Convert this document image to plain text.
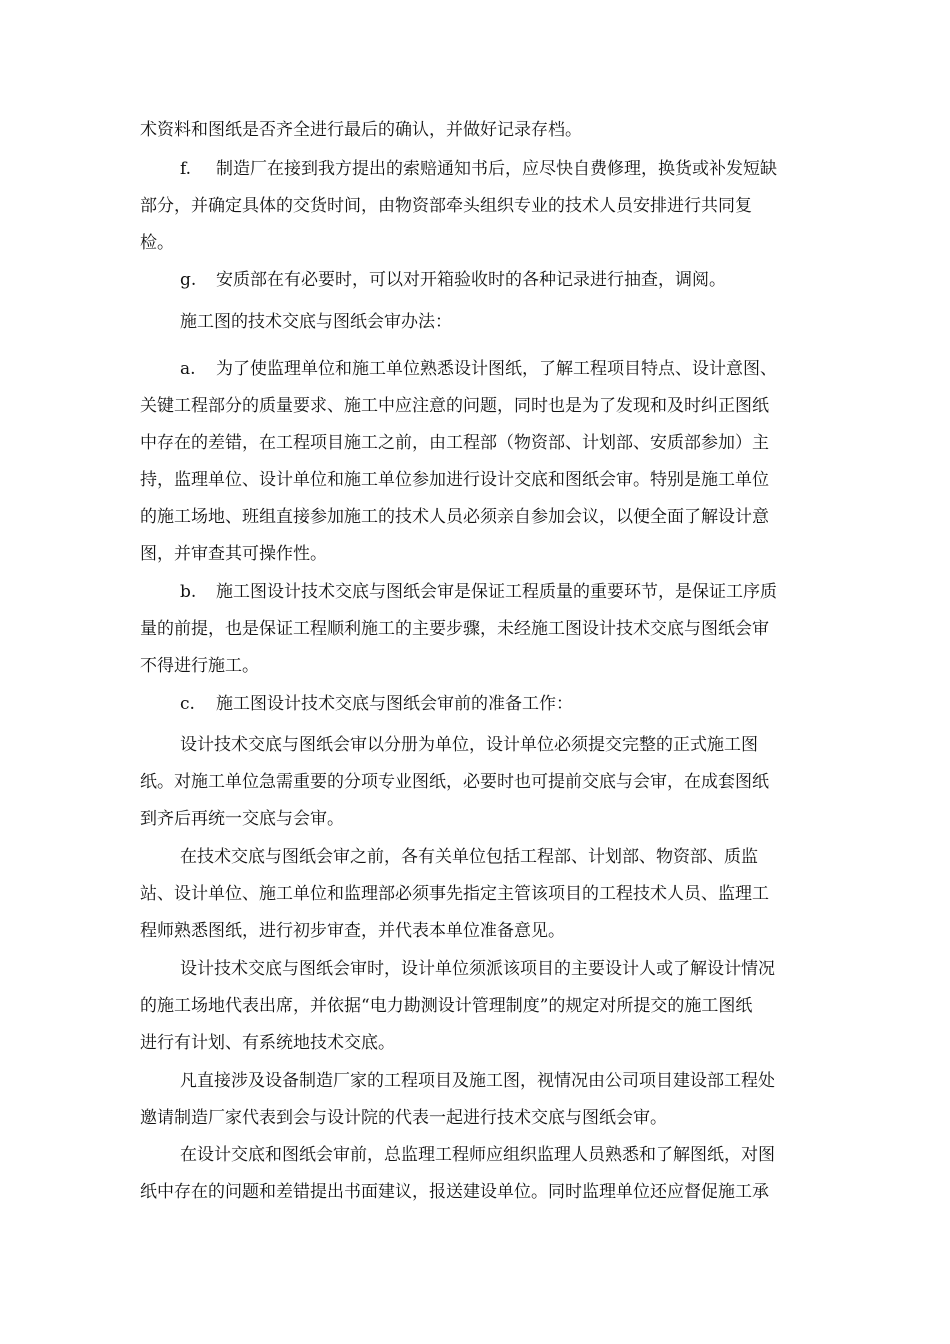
术资料和图纸是否齐全进行最后的确认，并做好记录存档。
f. 制造厂在接到我方提出的索赔通知书后，应尽快自费修理，换货或补发短缺
部分，并确定具体的交货时间，由物资部牵头组织专业的技术人员安排进行共同复
检。
g. 安质部在有必要时，可以对开箱验收时的各种记录进行抽查，调阅。
施工图的技术交底与图纸会审办法：
a. 为了使监理单位和施工单位熟悉设计图纸，了解工程项目特点、设计意图、
关键工程部分的质量要求、施工中应注意的问题，同时也是为了发现和及时纠正图纸
中存在的差错，在工程项目施工之前，由工程部（物资部、计划部、安质部参加）主
持，监理单位、设计单位和施工单位参加进行设计交底和图纸会审。特别是施工单位
的施工场地、班组直接参加施工的技术人员必须亲自参加会议，以便全面了解设计意
图，并审查其可操作性。
b. 施工图设计技术交底与图纸会审是保证工程质量的重要环节，是保证工序质
量的前提，也是保证工程顺利施工的主要步骤，未经施工图设计技术交底与图纸会审
不得进行施工。
c. 施工图设计技术交底与图纸会审前的准备工作：
设计技术交底与图纸会审以分册为单位，设计单位必须提交完整的正式施工图
纸。对施工单位急需重要的分项专业图纸，必要时也可提前交底与会审，在成套图纸
到齐后再统一交底与会审。
在技术交底与图纸会审之前，各有关单位包括工程部、计划部、物资部、质监
站、设计单位、施工单位和监理部必须事先指定主管该项目的工程技术人员、监理工
程师熟悉图纸，进行初步审查，并代表本单位准备意见。
设计技术交底与图纸会审时，设计单位须派该项目的主要设计人或了解设计情况
的施工场地代表出席，并依据“电力勘测设计管理制度”的规定对所提交的施工图纸
进行有计划、有系统地技术交底。
凡直接涉及设备制造厂家的工程项目及施工图，视情况由公司项目建设部工程处
邀请制造厂家代表到会与设计院的代表一起进行技术交底与图纸会审。
在设计交底和图纸会审前，总监理工程师应组织监理人员熟悉和了解图纸，对图
纸中存在的问题和差错提出书面建议，报送建设单位。同时监理单位还应督促施工承
